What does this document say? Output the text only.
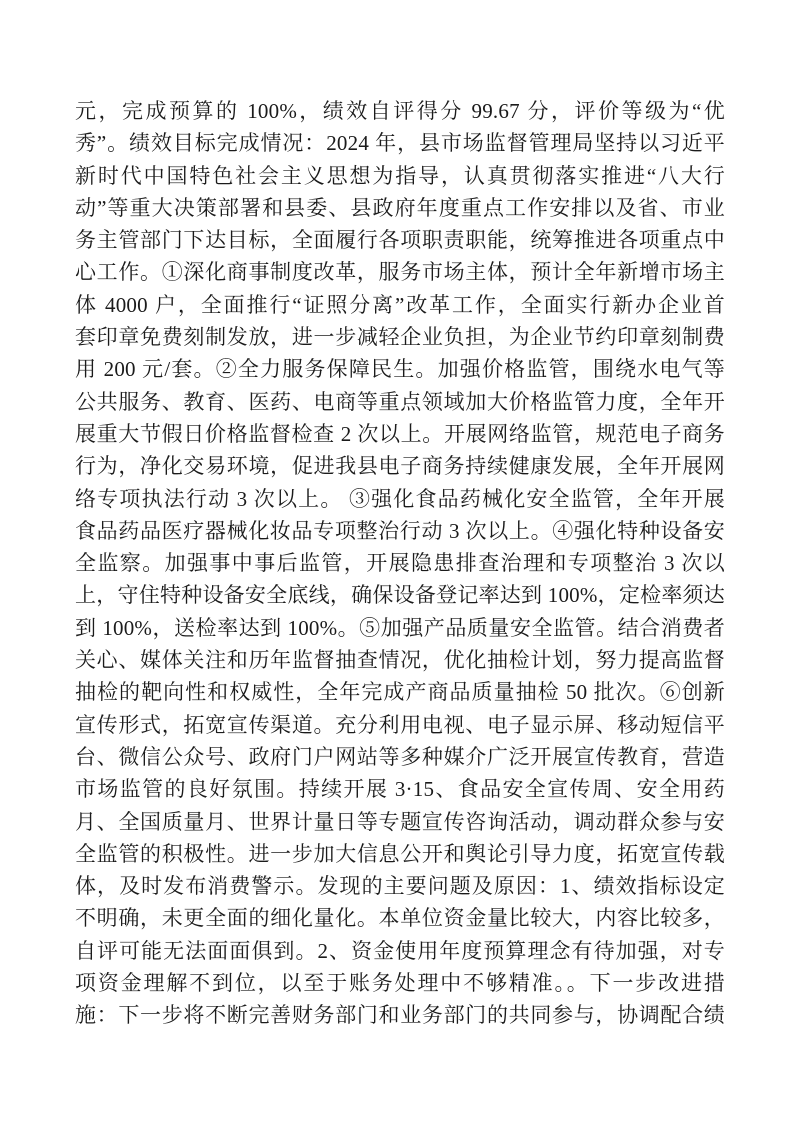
元，完成预算的 100%，绩效自评得分 99.67 分，评价等级为“优
秀”。绩效目标完成情况：2024 年，县市场监督管理局坚持以习近平
新时代中国特色社会主义思想为指导，认真贯彻落实推进“八大行
动”等重大决策部署和县委、县政府年度重点工作安排以及省、市业
务主管部门下达目标，全面履行各项职责职能，统筹推进各项重点中
心工作。①深化商事制度改革，服务市场主体，预计全年新增市场主
体 4000 户，全面推行“证照分离”改革工作，全面实行新办企业首
套印章免费刻制发放，进一步减轻企业负担，为企业节约印章刻制费
用 200 元/套。②全力服务保障民生。加强价格监管，围绕水电气等
公共服务、教育、医药、电商等重点领域加大价格监管力度，全年开
展重大节假日价格监督检查 2 次以上。开展网络监管，规范电子商务
行为，净化交易环境，促进我县电子商务持续健康发展，全年开展网
络专项执法行动 3 次以上。 ③强化食品药械化安全监管，全年开展
食品药品医疗器械化妆品专项整治行动 3 次以上。④强化特种设备安
全监察。加强事中事后监管，开展隐患排查治理和专项整治 3 次以
上，守住特种设备安全底线，确保设备登记率达到 100%，定检率须达
到 100%，送检率达到 100%。⑤加强产品质量安全监管。结合消费者
关心、媒体关注和历年监督抽查情况，优化抽检计划，努力提高监督
抽检的靶向性和权威性，全年完成产商品质量抽检 50 批次。⑥创新
宣传形式，拓宽宣传渠道。充分利用电视、电子显示屏、移动短信平
台、微信公众号、政府门户网站等多种媒介广泛开展宣传教育，营造
市场监管的良好氛围。持续开展 3·15、食品安全宣传周、安全用药
月、全国质量月、世界计量日等专题宣传咨询活动，调动群众参与安
全监管的积极性。进一步加大信息公开和舆论引导力度，拓宽宣传载
体，及时发布消费警示。发现的主要问题及原因：1、绩效指标设定
不明确，未更全面的细化量化。本单位资金量比较大，内容比较多，
自评可能无法面面俱到。2、资金使用年度预算理念有待加强，对专
项资金理解不到位，以至于账务处理中不够精准。。下一步改进措
施：下一步将不断完善财务部门和业务部门的共同参与，协调配合绩
